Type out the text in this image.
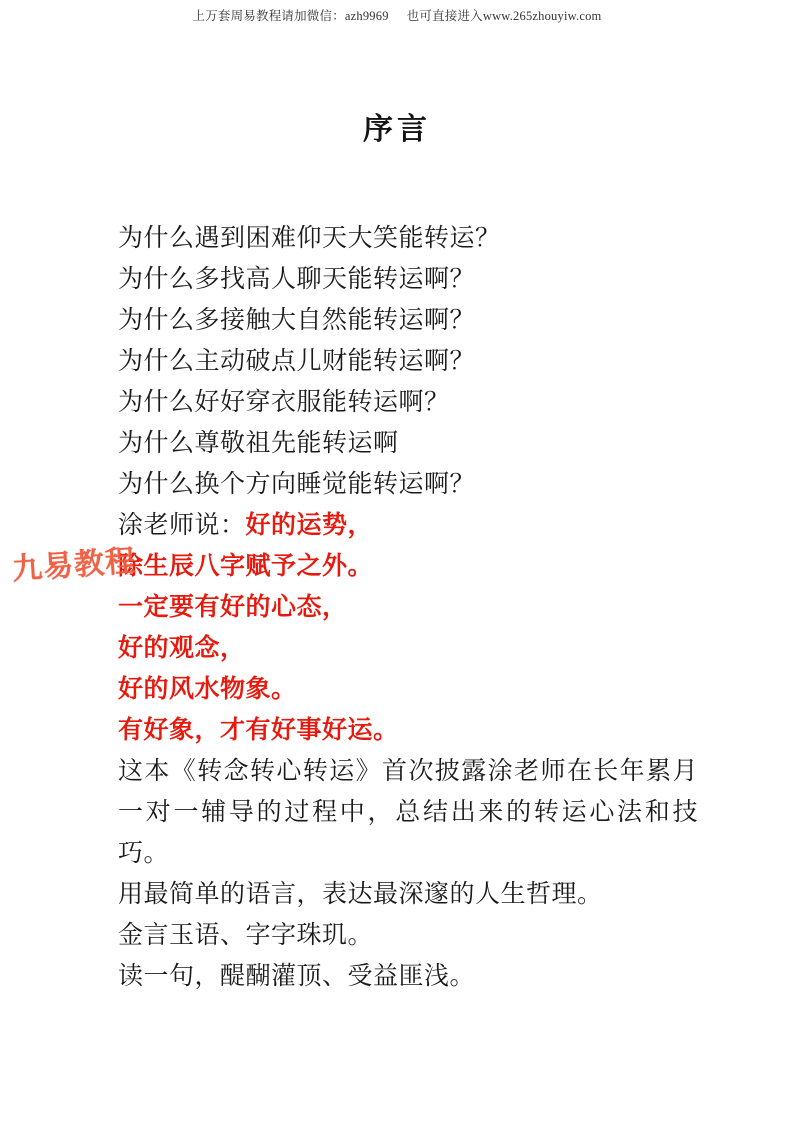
上万套周易教程请加微信：azh9969 也可直接进入www.265zhouyiw.com
序言
为什么遇到困难仰天大笑能转运？
为什么多找高人聊天能转运啊？
为什么多接触大自然能转运啊？
为什么主动破点儿财能转运啊？
为什么好好穿衣服能转运啊？
为什么尊敬祖先能转运啊
为什么换个方向睡觉能转运啊？
涂老师说：好的运势，
除生辰八字赋予之外。
一定要有好的心态，
好的观念，
好的风水物象。
有好象，才有好事好运。
这本《转念转心转运》首次披露涂老师在长年累月一对一辅导的过程中，总结出来的转运心法和技巧。
用最简单的语言，表达最深邃的人生哲理。
金言玉语、字字珠玑。
读一句，醍醐灌顶、受益匪浅。
九易教程
